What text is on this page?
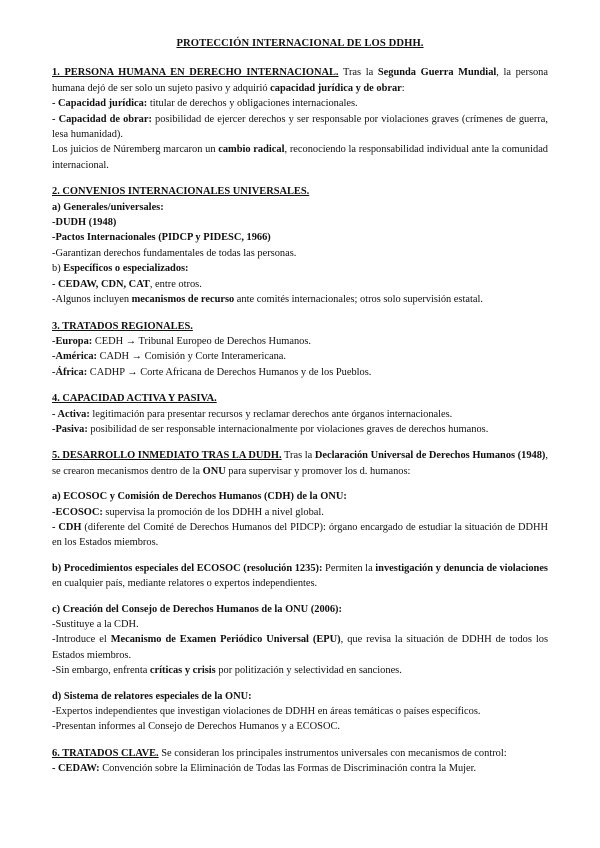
PROTECCIÓN INTERNACIONAL DE LOS DDHH.

1. PERSONA HUMANA EN DERECHO INTERNACIONAL. Tras la Segunda Guerra Mundial, la persona humana dejó de ser solo un sujeto pasivo y adquirió capacidad jurídica y de obrar:

- Capacidad jurídica: titular de derechos y obligaciones internacionales.

- Capacidad de obrar: posibilidad de ejercer derechos y ser responsable por violaciones graves (crímenes de guerra, lesa humanidad).

Los juicios de Núremberg marcaron un cambio radical, reconociendo la responsabilidad individual ante la comunidad internacional.

2. CONVENIOS INTERNACIONALES UNIVERSALES.

a) Generales/universales:

-DUDH (1948)

-Pactos Internacionales (PIDCP y PIDESC, 1966)

-Garantizan derechos fundamentales de todas las personas.

b) Específicos o especializados:

- CEDAW, CDN, CAT, entre otros.

-Algunos incluyen mecanismos de recurso ante comités internacionales; otros solo supervisión estatal.

3. TRATADOS REGIONALES.

-Europa: CEDH → Tribunal Europeo de Derechos Humanos.

-América: CADH → Comisión y Corte Interamericana.

-África: CADHP → Corte Africana de Derechos Humanos y de los Pueblos.

4. CAPACIDAD ACTIVA Y PASIVA.

- Activa: legitimación para presentar recursos y reclamar derechos ante órganos internacionales.

-Pasiva: posibilidad de ser responsable internacionalmente por violaciones graves de derechos humanos.

5. DESARROLLO INMEDIATO TRAS LA DUDH. Tras la Declaración Universal de Derechos Humanos (1948), se crearon mecanismos dentro de la ONU para supervisar y promover los d. humanos:

a) ECOSOC y Comisión de Derechos Humanos (CDH) de la ONU:

-ECOSOC: supervisa la promoción de los DDHH a nivel global.

- CDH (diferente del Comité de Derechos Humanos del PIDCP): órgano encargado de estudiar la situación de DDHH en los Estados miembros.

b) Procedimientos especiales del ECOSOC (resolución 1235): Permiten la investigación y denuncia de violaciones en cualquier país, mediante relatores o expertos independientes.

c) Creación del Consejo de Derechos Humanos de la ONU (2006):

-Sustituye a la CDH.

-Introduce el Mecanismo de Examen Periódico Universal (EPU), que revisa la situación de DDHH de todos los Estados miembros.

-Sin embargo, enfrenta críticas y crisis por politización y selectividad en sanciones.

d) Sistema de relatores especiales de la ONU:

-Expertos independientes que investigan violaciones de DDHH en áreas temáticas o países específicos.

-Presentan informes al Consejo de Derechos Humanos y a ECOSOC.

6. TRATADOS CLAVE. Se consideran los principales instrumentos universales con mecanismos de control:

- CEDAW: Convención sobre la Eliminación de Todas las Formas de Discriminación contra la Mujer.
